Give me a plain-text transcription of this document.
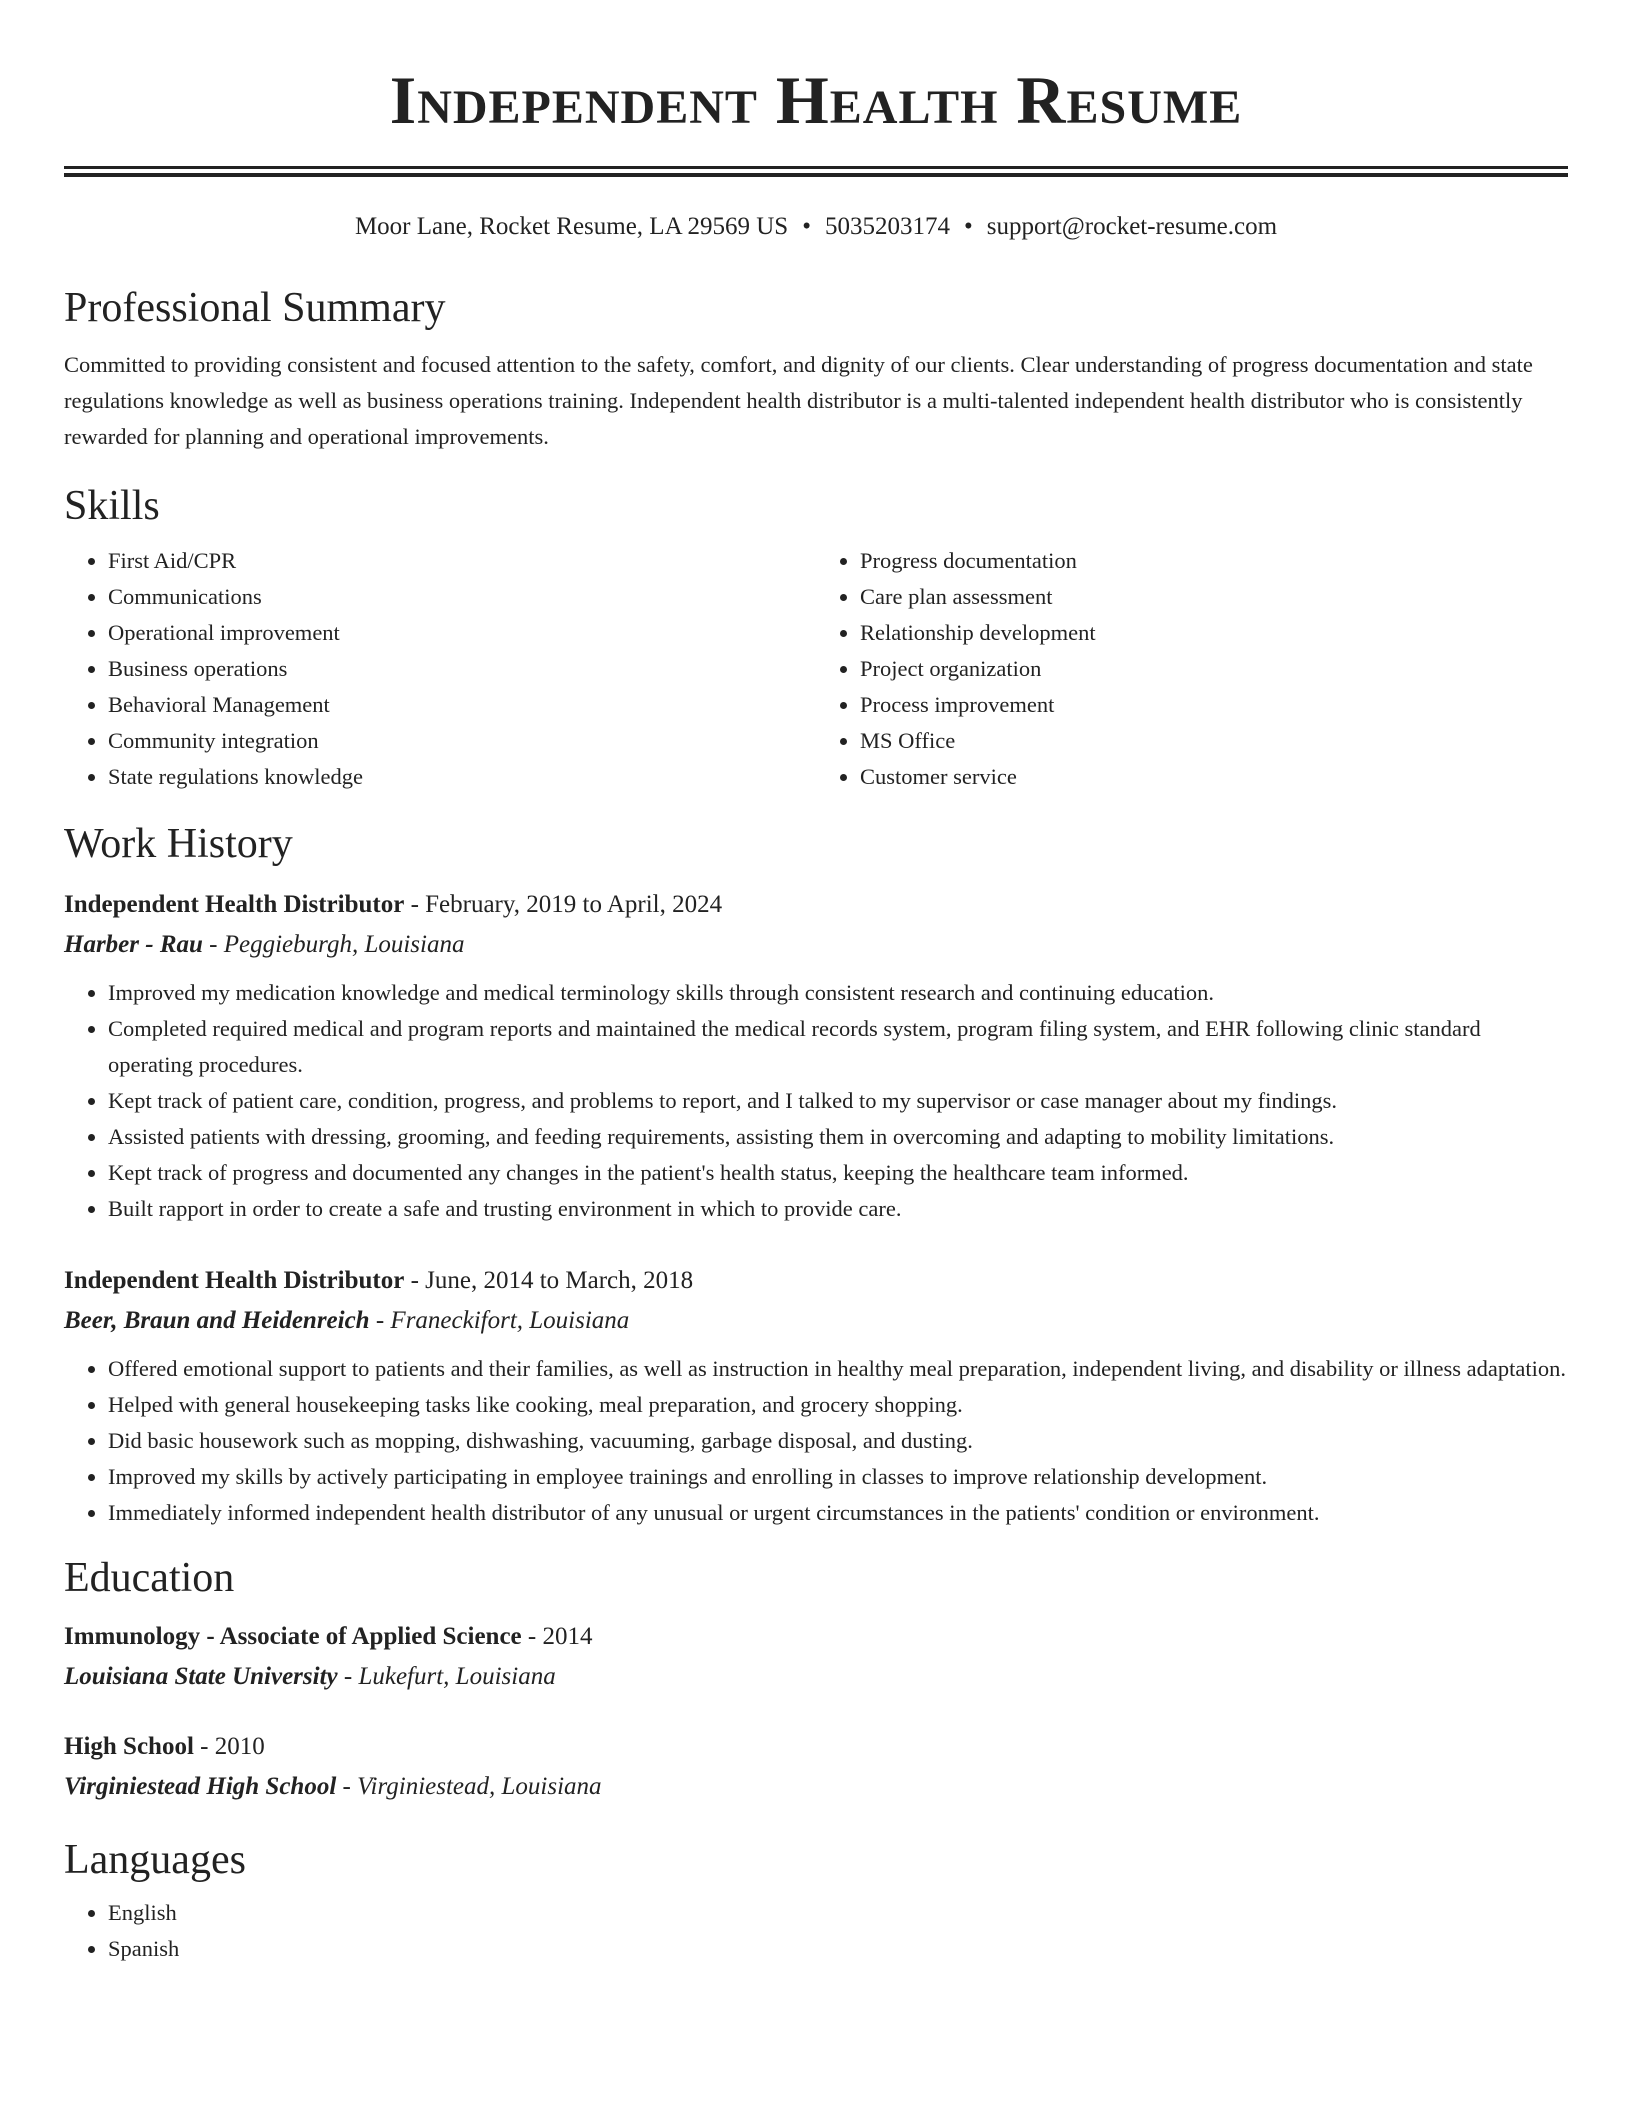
Independent Health Resume
Moor Lane, Rocket Resume, LA 29569 US • 5035203174 • support@rocket-resume.com
Professional Summary

Committed to providing consistent and focused attention to the safety, comfort, and dignity of our clients. Clear understanding of progress documentation and state regulations knowledge as well as business operations training. Independent health distributor is a multi-talented independent health distributor who is consistently rewarded for planning and operational improvements.

Skills
• First Aid/CPR
• Communications
• Operational improvement
• Business operations
• Behavioral Management
• Community integration
• State regulations knowledge
• Progress documentation
• Care plan assessment
• Relationship development
• Project organization
• Process improvement
• MS Office
• Customer service
Work History

Independent Health Distributor - February, 2019 to April, 2024

Harber - Rau - Peggieburgh, Louisiana

• Improved my medication knowledge and medical terminology skills through consistent research and continuing education.
• Completed required medical and program reports and maintained the medical records system, program filing system, and EHR following clinic standard operating procedures.
• Kept track of patient care, condition, progress, and problems to report, and I talked to my supervisor or case manager about my findings.
• Assisted patients with dressing, grooming, and feeding requirements, assisting them in overcoming and adapting to mobility limitations.
• Kept track of progress and documented any changes in the patient's health status, keeping the healthcare team informed.
• Built rapport in order to create a safe and trusting environment in which to provide care.

Independent Health Distributor - June, 2014 to March, 2018

Beer, Braun and Heidenreich - Franeckifort, Louisiana

• Offered emotional support to patients and their families, as well as instruction in healthy meal preparation, independent living, and disability or illness adaptation.
• Helped with general housekeeping tasks like cooking, meal preparation, and grocery shopping.
• Did basic housework such as mopping, dishwashing, vacuuming, garbage disposal, and dusting.
• Improved my skills by actively participating in employee trainings and enrolling in classes to improve relationship development.
• Immediately informed independent health distributor of any unusual or urgent circumstances in the patients' condition or environment.
Education

Immunology - Associate of Applied Science - 2014

Louisiana State University - Lukefurt, Louisiana

High School - 2010

Virginiestead High School - Virginiestead, Louisiana

Languages
• English
• Spanish
